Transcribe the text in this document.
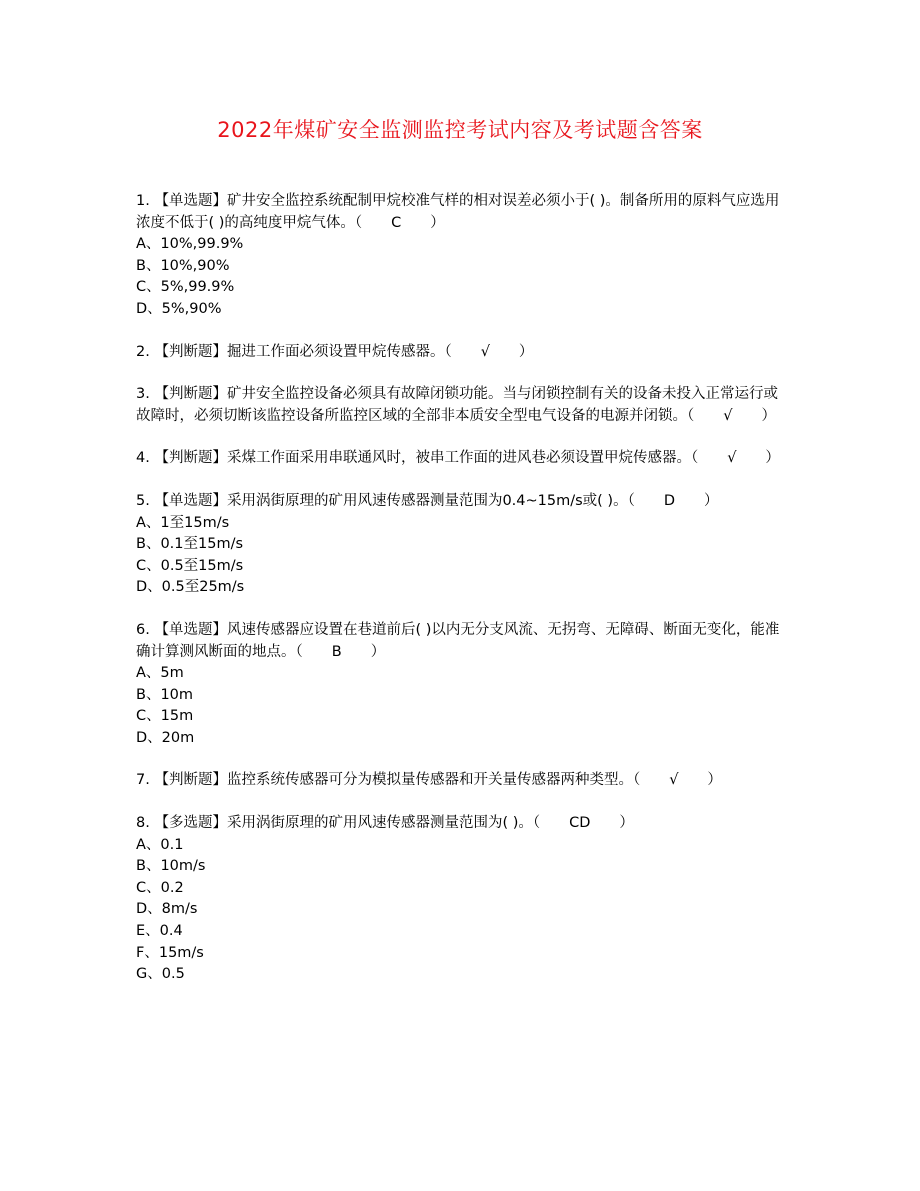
2022年煤矿安全监测监控考试内容及考试题含答案
1. 【单选题】矿井安全监控系统配制甲烷校准气样的相对误差必须小于( )。制备所用的原料气应选用浓度不低于( )的高纯度甲烷气体。（　　C　　）
A、10%,99.9%
B、10%,90%
C、5%,99.9%
D、5%,90%
2. 【判断题】掘进工作面必须设置甲烷传感器。（　　√　　）
3. 【判断题】矿井安全监控设备必须具有故障闭锁功能。当与闭锁控制有关的设备未投入正常运行或故障时，必须切断该监控设备所监控区域的全部非本质安全型电气设备的电源并闭锁。（　　√　　）
4. 【判断题】采煤工作面采用串联通风时，被串工作面的进风巷必须设置甲烷传感器。（　　√　　）
5. 【单选题】采用涡街原理的矿用风速传感器测量范围为0.4~15m/s或( )。（　　D　　）
A、1至15m/s
B、0.1至15m/s
C、0.5至15m/s
D、0.5至25m/s
6. 【单选题】风速传感器应设置在巷道前后( )以内无分支风流、无拐弯、无障碍、断面无变化，能准确计算测风断面的地点。（　　B　　）
A、5m
B、10m
C、15m
D、20m
7. 【判断题】监控系统传感器可分为模拟量传感器和开关量传感器两种类型。（　　√　　）
8. 【多选题】采用涡街原理的矿用风速传感器测量范围为( )。（　　CD　　）
A、0.1
B、10m/s
C、0.2
D、8m/s
E、0.4
F、15m/s
G、0.5
